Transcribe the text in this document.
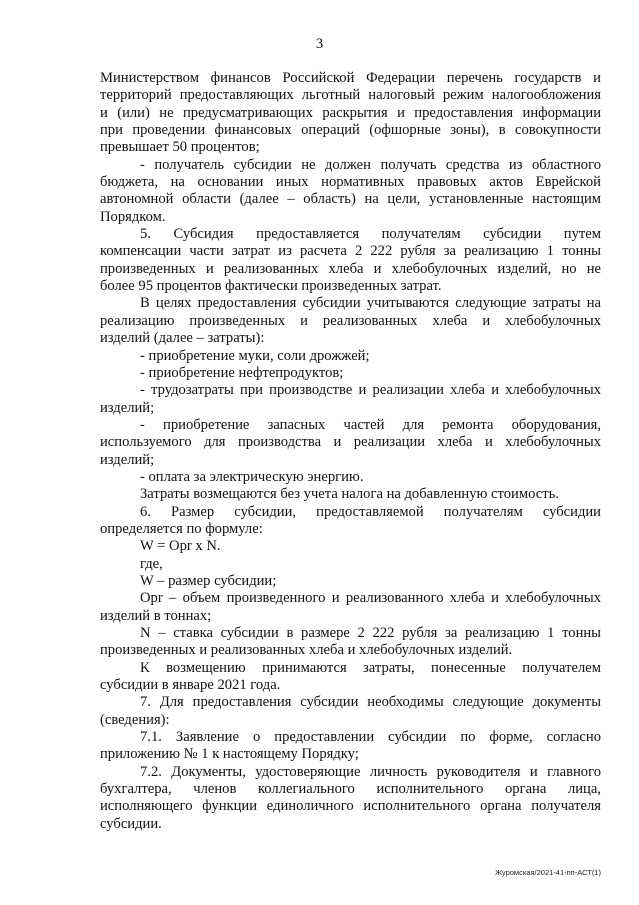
3
Министерством финансов Российской Федерации перечень государств и
территорий предоставляющих льготный налоговый режим налогообложения
и (или) не предусматривающих раскрытия и предоставления информации
при проведении финансовых операций (офшорные зоны), в совокупности
превышает 50 процентов;
- получатель субсидии не должен получать средства из областного
бюджета, на основании иных нормативных правовых актов Еврейской
автономной области (далее – область) на цели, установленные настоящим
Порядком.
5. Субсидия предоставляется получателям субсидии путем
компенсации части затрат из расчета 2 222 рубля за реализацию 1 тонны
произведенных и реализованных хлеба и хлебобулочных изделий, но не
более 95 процентов фактически произведенных затрат.
В целях предоставления субсидии учитываются следующие затраты на
реализацию произведенных и реализованных хлеба и хлебобулочных
изделий (далее – затраты):
- приобретение муки, соли дрожжей;
- приобретение нефтепродуктов;
- трудозатраты при производстве и реализации хлеба и хлебобулочных
изделий;
- приобретение запасных частей для ремонта оборудования,
используемого для производства и реализации хлеба и хлебобулочных
изделий;
- оплата за электрическую энергию.
Затраты возмещаются без учета налога на добавленную стоимость.
6. Размер субсидии, предоставляемой получателям субсидии
определяется по формуле:
W = Opr x N.
где,
W – размер субсидии;
Opr – объем произведенного и реализованного хлеба и хлебобулочных
изделий в тоннах;
N – ставка субсидии в размере 2 222 рубля за реализацию 1 тонны
произведенных и реализованных хлеба и хлебобулочных изделий.
К возмещению принимаются затраты, понесенные получателем
субсидии в январе 2021 года.
7. Для предоставления субсидии необходимы следующие документы
(сведения):
7.1. Заявление о предоставлении субсидии по форме, согласно
приложению № 1 к настоящему Порядку;
7.2. Документы, удостоверяющие личность руководителя и главного
бухгалтера, членов коллегиального исполнительного органа лица,
исполняющего функции единоличного исполнительного органа получателя
субсидии.
Журомская/2021-41-пп-АСТ(1)
